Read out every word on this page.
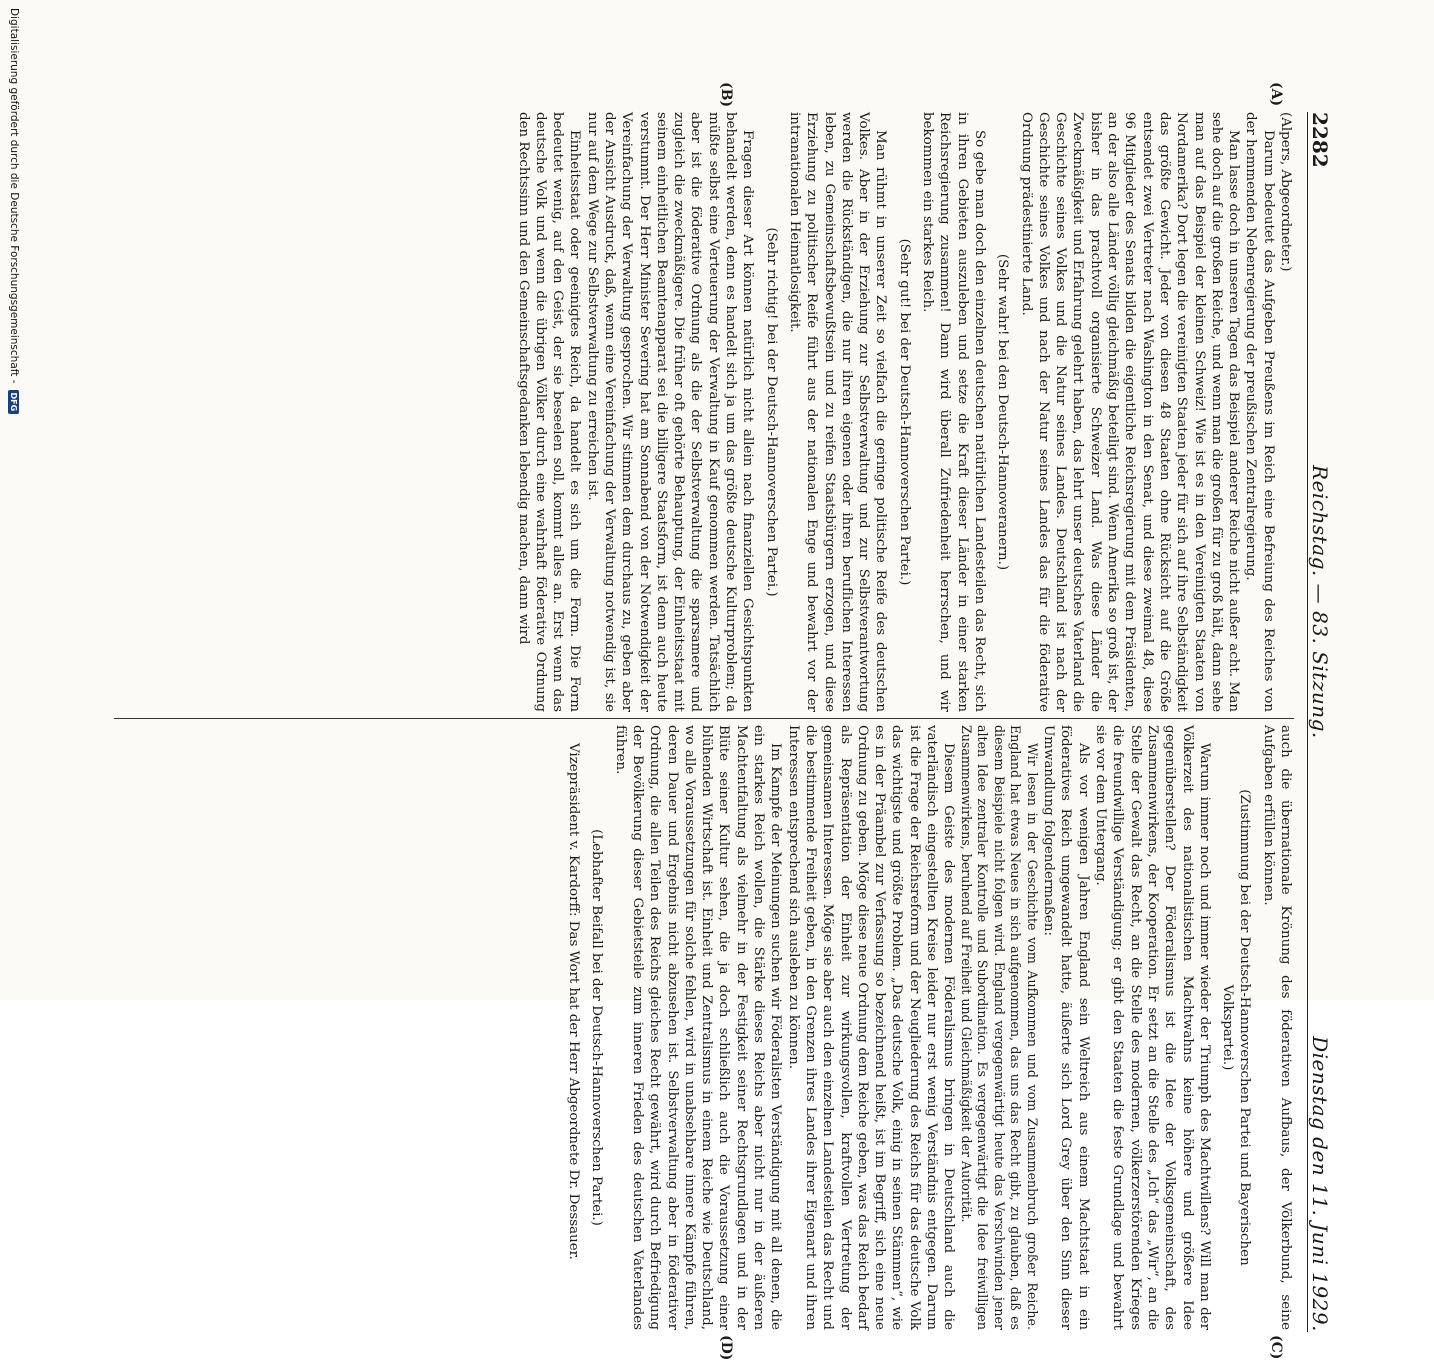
2282
Reichstag. — 83. Sitzung.
Dienstag den 11. Juni 1929.
(A)
(B)
(C)

(Alpers, Abgeordneter.)

Darum bedeutet das Aufgeben Preußens im Reich eine Befreiung des Reiches von der hemmenden Nebenregierung der preußischen Zentralregierung.

Man lasse doch in unseren Tagen das Beispiel anderer Reiche nicht außer acht. Man sehe doch auf die großen Reiche, und wenn man die großen für zu groß hält, dann sehe man auf das Beispiel der kleinen Schweiz! Wie ist es in den Vereinigten Staaten von Nordamerika? Dort legen die vereinigten Staaten jeder für sich auf ihre Selbständigkeit das größte Gewicht. Jeder von diesen 48 Staaten ohne Rücksicht auf die Größe entsendet zwei Vertreter nach Washington in den Senat, und diese zweimal 48, diese 96 Mitglieder des Senats bilden die eigentliche Reichsregierung mit dem Präsidenten, an der also alle Länder völlig gleichmäßig beteiligt sind. Wenn Amerika so groß ist, der bisher in das prachtvoll organisierte Schweizer Land. Was diese Länder die Zweckmäßigkeit und Erfahrung gelehrt haben, das lehrt unser deutsches Vaterland die Geschichte seines Volkes und die Natur seines Landes. Deutschland ist nach der Geschichte seines Volkes und nach der Natur seines Landes das für die föderative Ordnung prädestinierte Land.

(Sehr wahr! bei den Deutsch-Hannoveranern.)

So gebe man doch den einzelnen deutschen natürlichen Landesteilen das Recht, sich in ihren Gebieten auszuleben und setze die Kraft dieser Länder in einer starken Reichsregierung zusammen! Dann wird überall Zufriedenheit herrschen, und wir bekommen ein starkes Reich.

(Sehr gut! bei der Deutsch-Hannoverschen Partei.)

Man rühmt in unserer Zeit so vielfach die geringe politische Reife des deutschen Volkes. Aber in der Erziehung zur Selbstverwaltung und zur Selbstverantwortung werden die Rückständigen, die nur ihren eigenen oder ihren beruflichen Interessen leben, zu Gemeinschaftsbewußtsein und zu reifen Staatsbürgern erzogen, und diese Erziehung zu politischer Reife führt aus der nationalen Enge und bewahrt vor der intranationalen Heimatlosigkeit.

(Sehr richtig! bei der Deutsch-Hannoverschen Partei.)

Fragen dieser Art können natürlich nicht allein nach finanziellen Gesichtspunkten behandelt werden, denn es handelt sich ja um das größte deutsche Kulturproblem; da müßte selbst eine Verteuerung der Verwaltung in Kauf genommen werden. Tatsächlich aber ist die föderative Ordnung als die der Selbstverwaltung die sparsamere und zugleich die zweckmäßigere. Die früher oft gehörte Behauptung, der Einheitsstaat mit seinem einheitlichen Beamtenapparat sei die billigere Staatsform, ist denn auch heute verstummt. Der Herr Minister Severing hat am Sonnabend von der Notwendigkeit der Vereinfachung der Verwaltung gesprochen. Wir stimmen dem durchaus zu, geben aber der Ansicht Ausdruck, daß, wenn eine Vereinfachung der Verwaltung notwendig ist, sie nur auf dem Wege zur Selbstverwaltung zu erreichen ist.

Einheitsstaat oder geeinigtes Reich, da handelt es sich um die Form. Die Form bedeutet wenig, auf den Geist, der sie beseelen soll, kommt alles an. Erst wenn das deutsche Volk und wenn die übrigen Völker durch eine wahrhaft föderative Ordnung den Rechtssinn und den Gemeinschaftsgedanken lebendig machen, dann wird

auch die übernationale Krönung des föderativen Aufbaus, der Völkerbund, seine Aufgaben erfüllen können.

(Zustimmung bei der Deutsch-Hannoverschen Partei und Bayerischen Volkspartei.)

Warum immer noch und immer wieder der Triumph des Machtwillens? Will man der Völkerzeit des nationalistischen Machtwahns keine höhere und größere Idee gegenüberstellen? Der Föderalismus ist die Idee der Volksgemeinschaft, des Zusammenwirkens, der Kooperation. Er setzt an die Stelle des „Ich“ das „Wir“, an die Stelle der Gewalt das Recht, an die Stelle des modernen, völkerzerstörenden Krieges die freundwillige Verständigung; er gibt den Staaten die feste Grundlage und bewahrt sie vor dem Untergang.

Als vor wenigen Jahren England sein Weltreich aus einem Machtstaat in ein föderatives Reich umgewandelt hatte, äußerte sich Lord Grey über den Sinn dieser Umwandlung folgendermaßen:

Wir lesen in der Geschichte vom Aufkommen und vom Zusammenbruch großer Reiche. England hat etwas Neues in sich aufgenommen, das uns das Recht gibt, zu glauben, daß es diesem Beispiele nicht folgen wird. England vergegenwärtigt heute das Verschwinden jener alten Idee zentraler Kontrolle und Subordination. Es vergegenwärtigt die Idee freiwilligen Zusammenwirkens, beruhend auf Freiheit und Gleichmäßigkeit der Autorität.

Diesem Geiste des modernen Föderalismus bringen in Deutschland auch die vaterländisch eingestellten Kreise leider nur erst wenig Verständnis entgegen. Darum ist die Frage der Reichsreform und der Neugliederung des Reichs für das deutsche Volk das wichtigste und größte Problem. „Das deutsche Volk, einig in seinen Stämmen“, wie es in der Präambel zur Verfassung so bezeichnend heißt, ist im Begriff, sich eine neue Ordnung zu geben. Möge diese neue Ordnung dem Reiche geben, was das Reich bedarf als Repräsentation der Einheit zur wirkungsvollen, kraftvollen Vertretung der gemeinsamen Interessen. Möge sie aber auch den einzelnen Landesteilen das Recht und die bestimmende Freiheit geben, in den Grenzen ihres Landes ihrer Eigenart und ihren Interessen entsprechend sich ausleben zu können.

Im Kampfe der Meinungen suchen wir Föderalisten Verständigung mit all denen, die ein starkes Reich wollen, die Stärke dieses Reichs aber nicht nur in der äußeren Machtentfaltung als vielmehr in der Festigkeit seiner Rechtsgrundlagen und in der Blüte seiner Kultur sehen, die ja doch schließlich auch die Voraussetzung einer blühenden Wirtschaft ist. Einheit und Zentralismus in einem Reiche wie Deutschland, wo alle Voraussetzungen für solche fehlen, wird in unabsehbare innere Kämpfe führen, deren Dauer und Ergebnis nicht abzusehen ist. Selbstverwaltung aber in föderativer Ordnung, die allen Teilen des Reichs gleiches Recht gewährt, wird durch Befriedigung der Bevölkerung dieser Gebietsteile zum inneren Frieden des deutschen Vaterlandes führen.

(Lebhafter Beifall bei der Deutsch-Hannoverschen Partei.)

Vizepräsident v. Kardorff: Das Wort hat der Herr Abgeordnete Dr. Dessauer.

(D)
Digitalisierung gefördert durch die Deutsche Forschungsgemeinschaft -
DFG
